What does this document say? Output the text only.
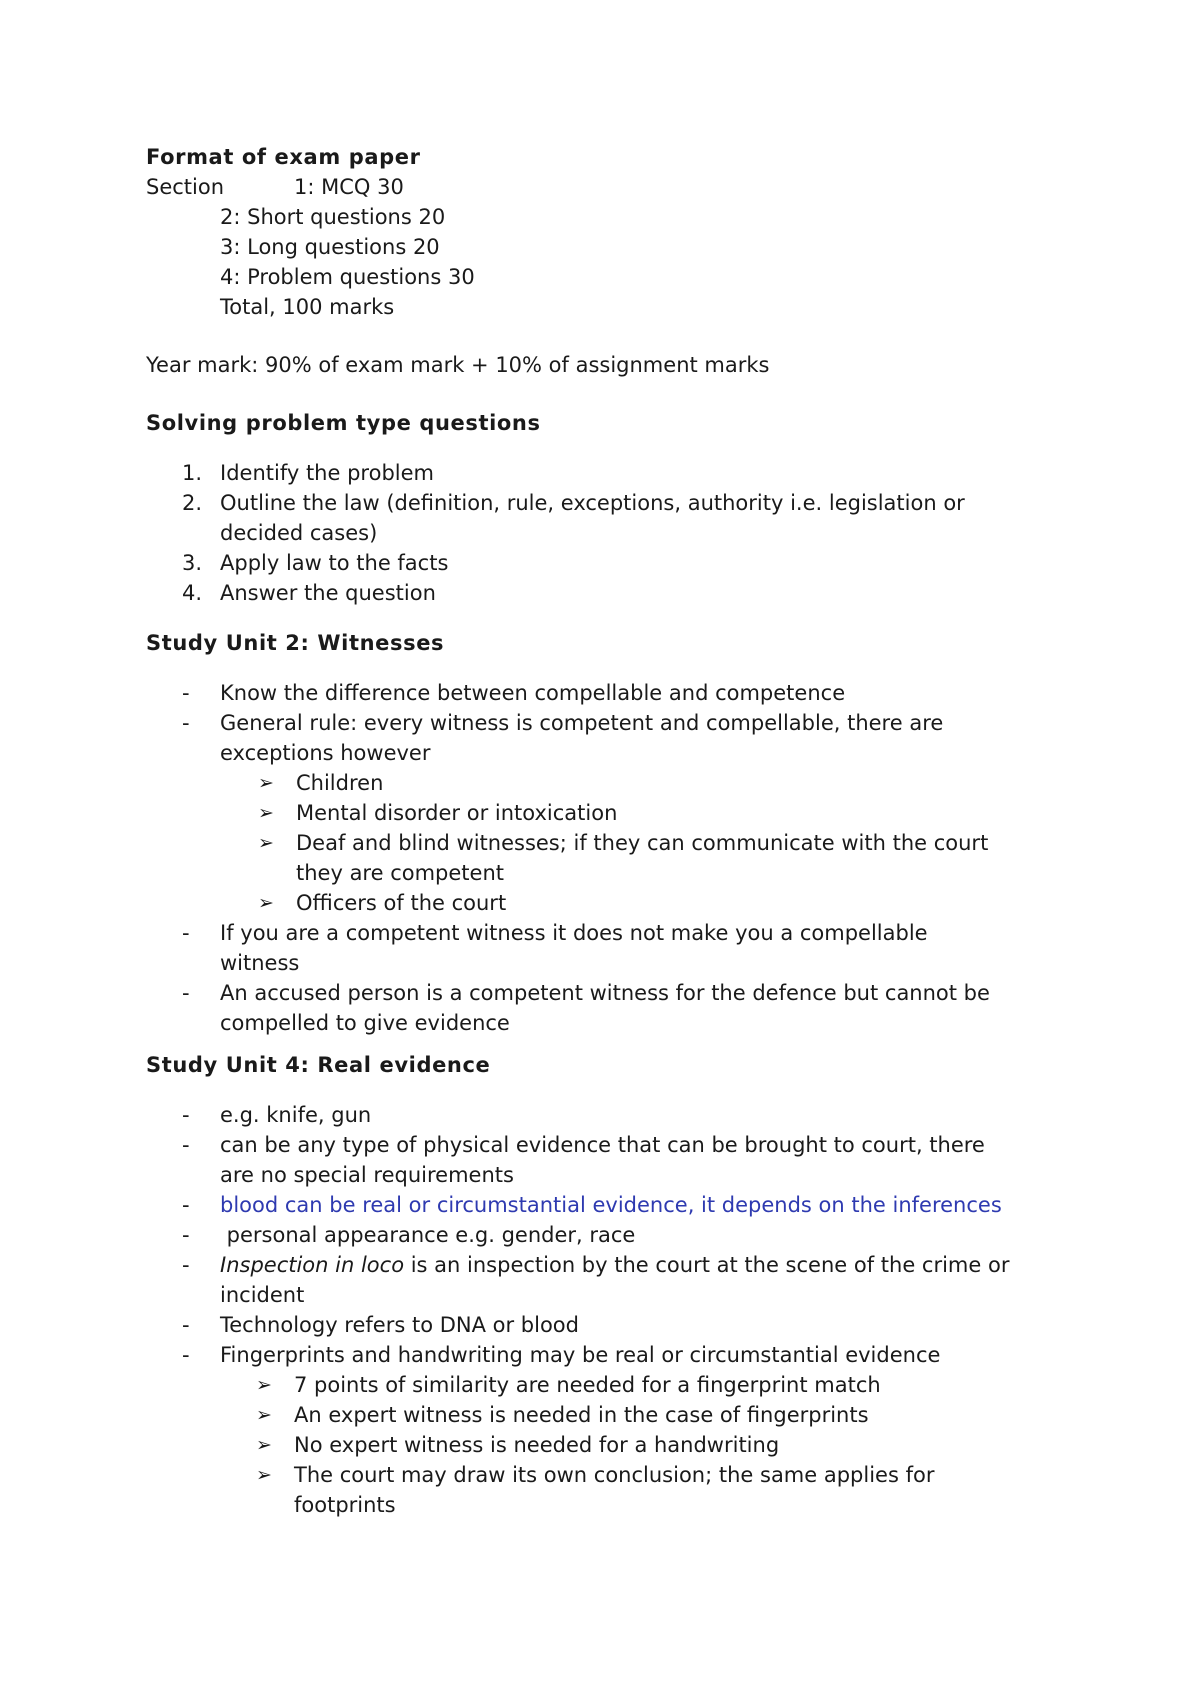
Format of exam paper
Section	1: MCQ 30
2: Short questions 20
3: Long questions 20
4: Problem questions 30
Total, 100 marks
Year mark: 90% of exam mark + 10% of assignment marks
Solving problem type questions
1. Identify the problem
2. Outline the law (definition, rule, exceptions, authority i.e. legislation or
decided cases)
3. Apply law to the facts
4. Answer the question
Study Unit 2: Witnesses
- Know the difference between compellable and competence
- General rule: every witness is competent and compellable, there are
exceptions however
➢ Children
➢ Mental disorder or intoxication
➢ Deaf and blind witnesses; if they can communicate with the court
they are competent
➢ Officers of the court
- If you are a competent witness it does not make you a compellable
witness
- An accused person is a competent witness for the defence but cannot be
compelled to give evidence
Study Unit 4: Real evidence
- e.g. knife, gun
- can be any type of physical evidence that can be brought to court, there
are no special requirements
- blood can be real or circumstantial evidence, it depends on the inferences
- personal appearance e.g. gender, race
- Inspection in loco is an inspection by the court at the scene of the crime or
incident
- Technology refers to DNA or blood
- Fingerprints and handwriting may be real or circumstantial evidence
➢ 7 points of similarity are needed for a fingerprint match
➢ An expert witness is needed in the case of fingerprints
➢ No expert witness is needed for a handwriting
➢ The court may draw its own conclusion; the same applies for
footprints
